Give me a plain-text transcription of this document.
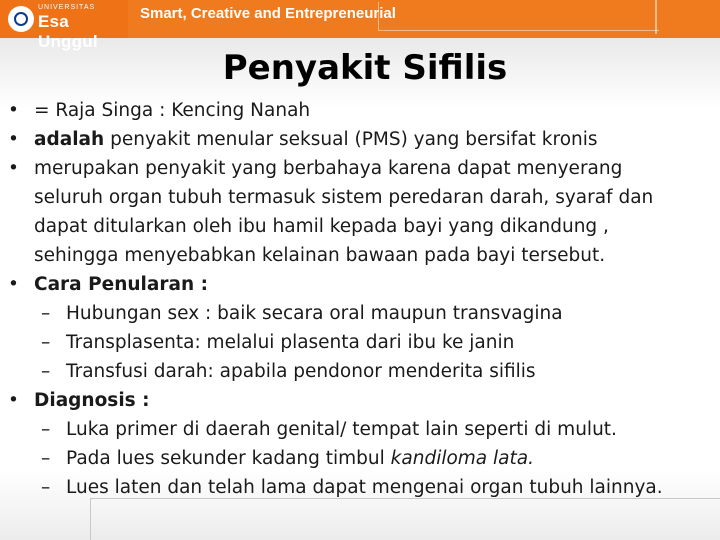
UNIVERSITAS
Esa Unggul
Smart, Creative and Entrepreneurial
Penyakit Sifilis
• = Raja Singa : Kencing Nanah
• adalah penyakit menular seksual (PMS) yang bersifat kronis
• merupakan penyakit yang berbahaya karena dapat menyerang
seluruh organ tubuh termasuk sistem peredaran darah, syaraf dan
dapat ditularkan oleh ibu hamil kepada bayi yang dikandung ,
sehingga menyebabkan kelainan bawaan pada bayi tersebut.
• Cara Penularan :
– Hubungan sex : baik secara oral maupun transvagina
– Transplasenta: melalui plasenta dari ibu ke janin
– Transfusi darah: apabila pendonor menderita sifilis
• Diagnosis :
– Luka primer di daerah genital/ tempat lain seperti di mulut.
– Pada lues sekunder kadang timbul kandiloma lata.
– Lues laten dan telah lama dapat mengenai organ tubuh lainnya.
